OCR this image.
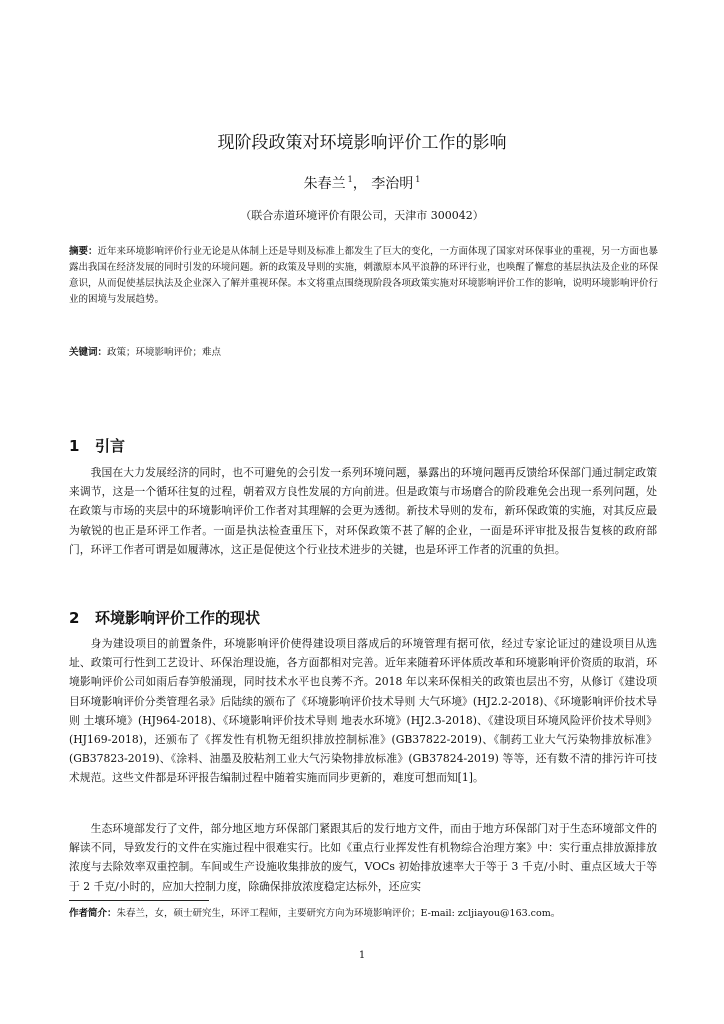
现阶段政策对环境影响评价工作的影响
朱春兰 $^1$， 李治明 $^1$
（联合赤道环境评价有限公司，天津市 300042）

摘要：近年来环境影响评价行业无论是从体制上还是导则及标准上都发生了巨大的变化，一方面体现了国家对环保事业的重视，另一方面也暴露出我国在经济发展的同时引发的环境问题。新的政策及导则的实施，刺激原本风平浪静的环评行业，也唤醒了懈怠的基层执法及企业的环保意识，从而促使基层执法及企业深入了解并重视环保。本文将重点围绕现阶段各项政策实施对环境影响评价工作的影响，说明环境影响评价行业的困境与发展趋势。

关键词：政策；环境影响评价；难点

1 引言

我国在大力发展经济的同时，也不可避免的会引发一系列环境问题，暴露出的环境问题再反馈给环保部门通过制定政策来调节，这是一个循环往复的过程，朝着双方良性发展的方向前进。但是政策与市场磨合的阶段难免会出现一系列问题，处在政策与市场的夹层中的环境影响评价工作者对其理解的会更为透彻。新技术导则的发布，新环保政策的实施，对其反应最为敏锐的也正是环评工作者。一面是执法检查重压下，对环保政策不甚了解的企业，一面是环评审批及报告复核的政府部门，环评工作者可谓是如履薄冰，这正是促使这个行业技术进步的关键，也是环评工作者的沉重的负担。

2 环境影响评价工作的现状

身为建设项目的前置条件，环境影响评价使得建设项目落成后的环境管理有据可依，经过专家论证过的建设项目从选址、政策可行性到工艺设计、环保治理设施，各方面都相对完善。近年来随着环评体质改革和环境影响评价资质的取消，环境影响评价公司如雨后春笋般涌现，同时技术水平也良莠不齐。2018 年以来环保相关的政策也层出不穷，从修订《建设项目环境影响评价分类管理名录》后陆续的颁布了《环境影响评价技术导则 大气环境》(HJ2.2-2018)、《环境影响评价技术导则 土壤环境》(HJ964-2018)、《环境影响评价技术导则 地表水环境》(HJ2.3-2018)、《建设项目环境风险评价技术导则》(HJ169-2018)，还颁布了《挥发性有机物无组织排放控制标准》(GB37822-2019)、《制药工业大气污染物排放标准》(GB37823-2019)、《涂料、油墨及胶粘剂工业大气污染物排放标准》(GB37824-2019) 等等，还有数不清的排污许可技术规范。这些文件都是环评报告编制过程中随着实施而同步更新的，难度可想而知[1]。

生态环境部发行了文件，部分地区地方环保部门紧跟其后的发行地方文件，而由于地方环保部门对于生态环境部文件的解读不同，导致发行的文件在实施过程中很难实行。比如《重点行业挥发性有机物综合治理方案》中：实行重点排放源排放浓度与去除效率双重控制。车间或生产设施收集排放的废气，VOCs 初始排放速率大于等于 3 千克/小时、重点区域大于等于 2 千克/小时的，应加大控制力度，除确保排放浓度稳定达标外，还应实

作者简介：朱春兰，女，硕士研究生，环评工程师，主要研究方向为环境影响评价；E-mail: zcljiayou@163.com。

1
